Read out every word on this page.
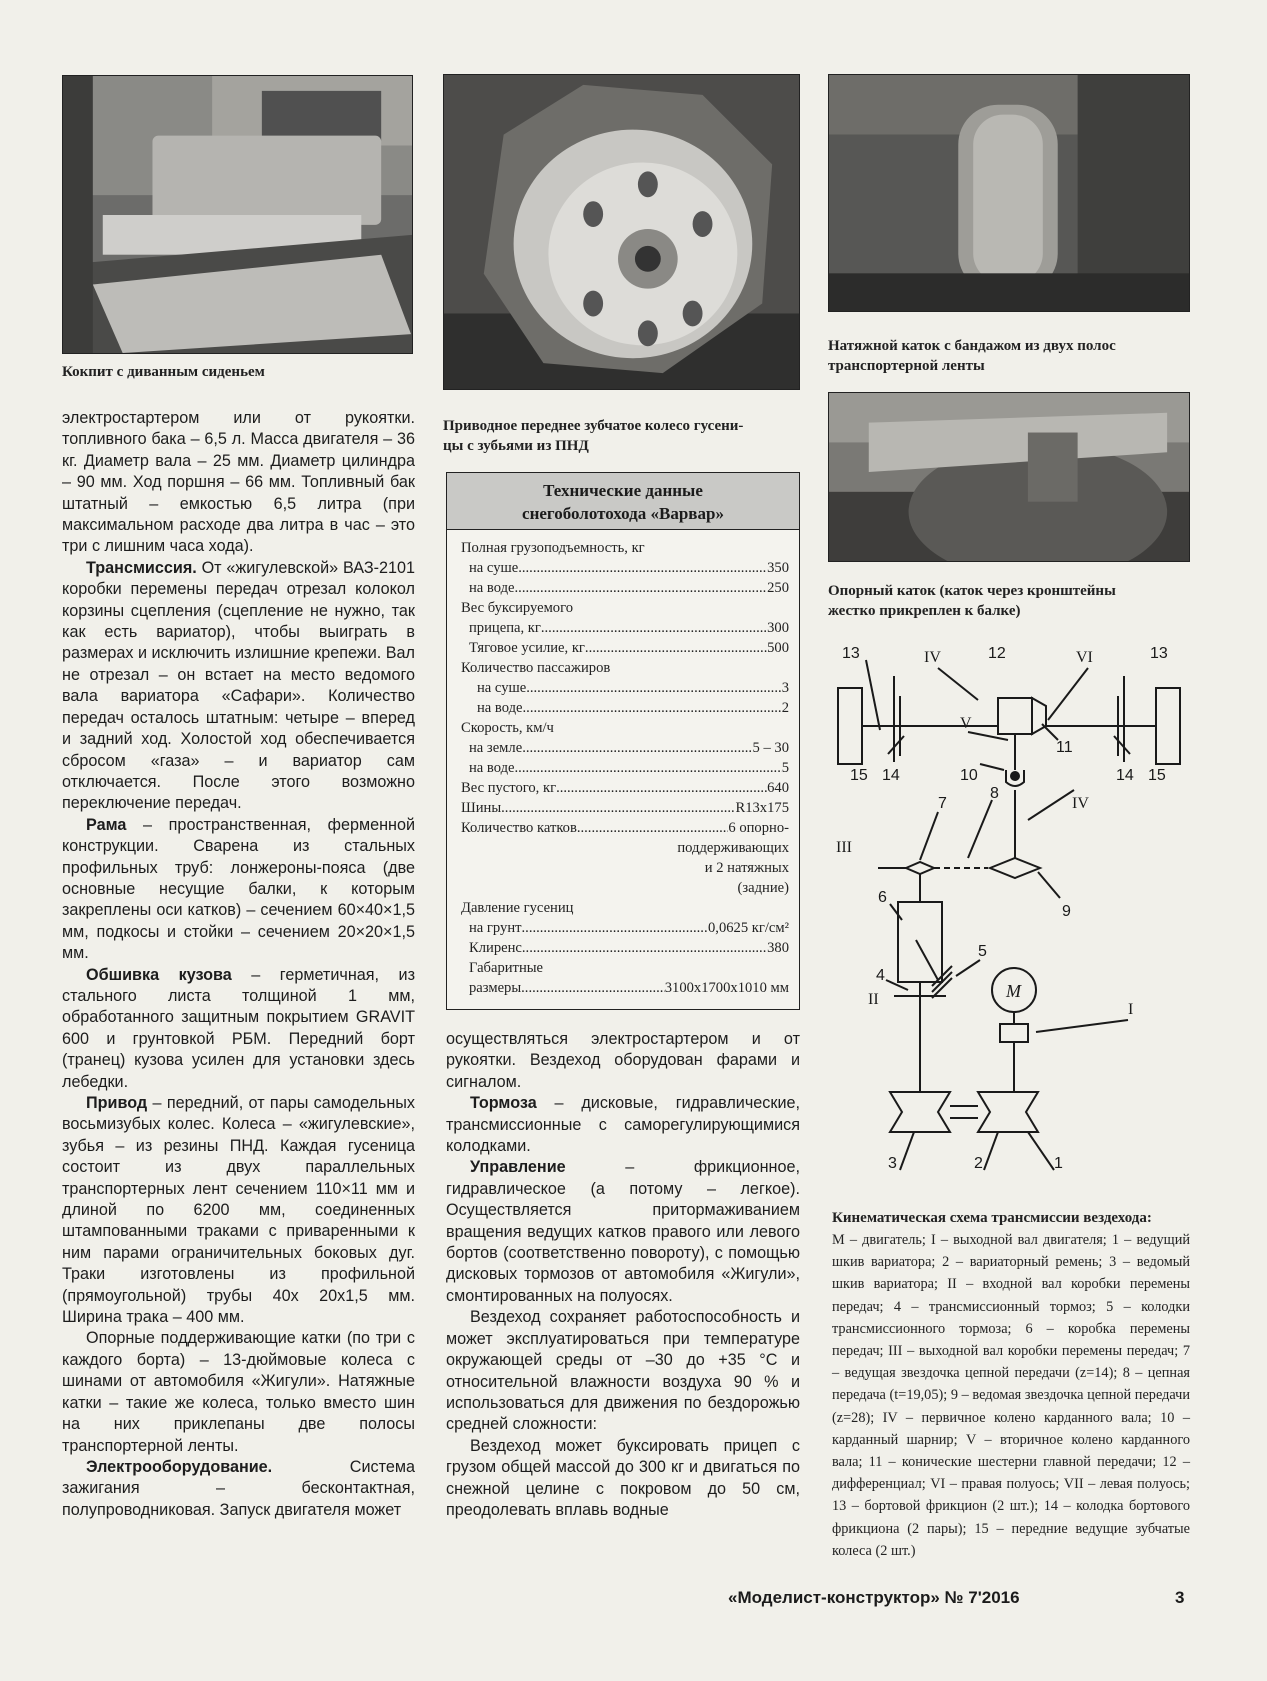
Кокпит с диванным сиденьем
Приводное переднее зубчатое колесо гусени-
цы с зубьями из ПНД
Натяжной каток с бандажом из двух полос
транспортерной ленты
Опорный каток (каток через кронштейны
жестко прикреплен к балке)

электростартером или от рукоятки. топливного бака – 6,5 л. Масса двигателя – 36 кг. Диаметр вала – 25 мм. Диаметр цилиндра – 90 мм. Ход поршня – 66 мм. Топливный бак штатный – емкостью 6,5 литра (при максимальном расходе два литра в час – это три с лишним часа хода).

Трансмиссия. От «жигулевской» ВАЗ-2101 коробки перемены передач отрезал колокол корзины сцепления (сцепление не нужно, так как есть вариатор), чтобы выиграть в размерах и исключить излишние крепежи. Вал не отрезал – он встает на место ведомого вала вариатора «Сафари». Количество передач осталось штатным: четыре – вперед и задний ход. Холостой ход обеспечивается сбросом «газа» – и вариатор сам отключается. После этого возможно переключение передач.

Рама – пространственная, ферменной конструкции. Сварена из стальных профильных труб: лонжероны-пояса (две основные несущие балки, к которым закреплены оси катков) – сечением 60×40×1,5 мм, подкосы и стойки – сечением 20×20×1,5 мм.

Обшивка кузова – герметичная, из стального листа толщиной 1 мм, обработанного защитным покрытием GRAVIT 600 и грунтовкой РБМ. Передний борт (транец) кузова усилен для установки здесь лебедки.

Привод – передний, от пары самодельных восьмизубых колес. Колеса – «жигулевские», зубья – из резины ПНД. Каждая гусеница состоит из двух параллельных транспортерных лент сечением 110×11 мм и длиной по 6200 мм, соединенных штампованными траками с приваренными к ним парами ограничительных боковых дуг. Траки изготовлены из профильной (прямоугольной) трубы 40х 20х1,5 мм. Ширина трака – 400 мм.

Опорные поддерживающие катки (по три с каждого борта) – 13-дюймовые колеса с шинами от автомобиля «Жигули». Натяжные катки – такие же колеса, только вместо шин на них приклепаны две полосы транспортерной ленты.

Электрооборудование. Система зажигания – бесконтактная, полупроводниковая. Запуск двигателя может

Технические данные
снегоболотохода «Варвар»
Полная грузоподъемность, кг
на суше .....	350
на воде .....	250
Вес буксируемого
прицепа, кг .....	300
Тяговое усилие, кг .....	500
Количество пассажиров
на суше .....	3
на воде .....	2
Скорость, км/ч
на земле .....	5 – 30
на воде .....	5
Вес пустого, кг .....	640
Шины .....	R13x175
Количество катков .....	6 опорно-
поддерживающих
и 2 натяжных
(задние)
Давление гусениц
на грунт .....	0,0625 кг/см²
Клиренс .....	380
Габаритные
размеры .....	3100x1700x1010 мм

осуществляться электростартером и от рукоятки. Вездеход оборудован фарами и сигналом.

Тормоза – дисковые, гидравлические, трансмиссионные с саморегулирующимися колодками.

Управление – фрикционное, гидравлическое (а потому – легкое). Осуществляется притормаживанием вращения ведущих катков правого или левого бортов (соответственно повороту), с помощью дисковых тормозов от автомобиля «Жигули», смонтированных на полуосях.

Вездеход сохраняет работоспособность и может эксплуатироваться при температуре окружающей среды от –30 до +35 °С и относительной влажности воздуха 90 % и использоваться для движения по бездорожью средней сложности:

Вездеход может буксировать прицеп с грузом общей массой до 300 кг и двигаться по снежной целине с покровом до 50 см, преодолевать вплавь водные

13	IV	12	VI	13
V
11
15 14	10	14 15
7
8
IV
III
9
6
5
4
II	M
I
3	2	1
Кинематическая схема трансмиссии вездехода:
М – двигатель; I – выходной вал двигателя; 1 – ведущий шкив вариатора; 2 – вариаторный ремень; 3 – ведомый шкив вариатора; II – входной вал коробки перемены передач; 4 – трансмиссионный тормоз; 5 – колодки трансмиссионного тормоза; 6 – коробка перемены передач; III – выходной вал коробки перемены передач; 7 – ведущая звездочка цепной передачи (z=14); 8 – цепная передача (t=19,05); 9 – ведомая звездочка цепной передачи (z=28); IV – первичное колено карданного вала; 10 – карданный шарнир; V – вторичное колено карданного вала; 11 – конические шестерни главной передачи; 12 – дифференциал; VI – правая полуось; VII – левая полуось; 13 – бортовой фрикцион (2 шт.); 14 – колодка бортового фрикциона (2 пары); 15 – передние ведущие зубчатые колеса (2 шт.)
«Моделист-конструктор» № 7'2016	3
